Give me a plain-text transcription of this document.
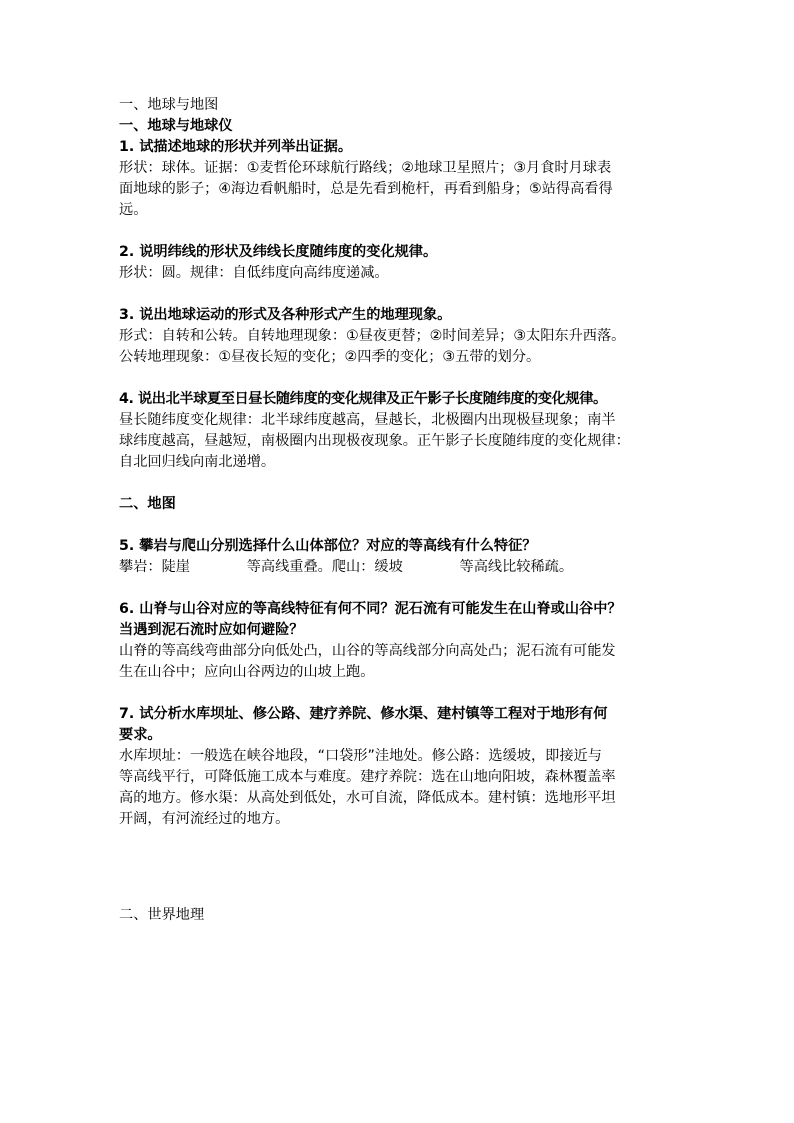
一、地球与地图

一、地球与地球仪

1. 试描述地球的形状并列举出证据。

形状：球体。证据：①麦哲伦环球航行路线；②地球卫星照片；③月食时月球表

面地球的影子；④海边看帆船时，总是先看到桅杆，再看到船身；⑤站得高看得

远。

2. 说明纬线的形状及纬线长度随纬度的变化规律。

形状：圆。规律：自低纬度向高纬度递减。

3. 说出地球运动的形式及各种形式产生的地理现象。

形式：自转和公转。自转地理现象：①昼夜更替；②时间差异；③太阳东升西落。

公转地理现象：①昼夜长短的变化；②四季的变化；③五带的划分。

4. 说出北半球夏至日昼长随纬度的变化规律及正午影子长度随纬度的变化规律。

昼长随纬度变化规律：北半球纬度越高，昼越长，北极圈内出现极昼现象；南半

球纬度越高，昼越短，南极圈内出现极夜现象。正午影子长度随纬度的变化规律：

自北回归线向南北递增。

二、地图

5. 攀岩与爬山分别选择什么山体部位？对应的等高线有什么特征？

攀岩：陡崖　　　　等高线重叠。爬山：缓坡　　　　等高线比较稀疏。

6. 山脊与山谷对应的等高线特征有何不同？泥石流有可能发生在山脊或山谷中？

当遇到泥石流时应如何避险？

山脊的等高线弯曲部分向低处凸，山谷的等高线部分向高处凸；泥石流有可能发

生在山谷中；应向山谷两边的山坡上跑。

7. 试分析水库坝址、修公路、建疗养院、修水渠、建村镇等工程对于地形有何

要求。

水库坝址：一般选在峡谷地段，“口袋形”洼地处。修公路：选缓坡，即接近与

等高线平行，可降低施工成本与难度。建疗养院：选在山地向阳坡，森林覆盖率

高的地方。修水渠：从高处到低处，水可自流，降低成本。建村镇：选地形平坦

开阔，有河流经过的地方。

二、世界地理
